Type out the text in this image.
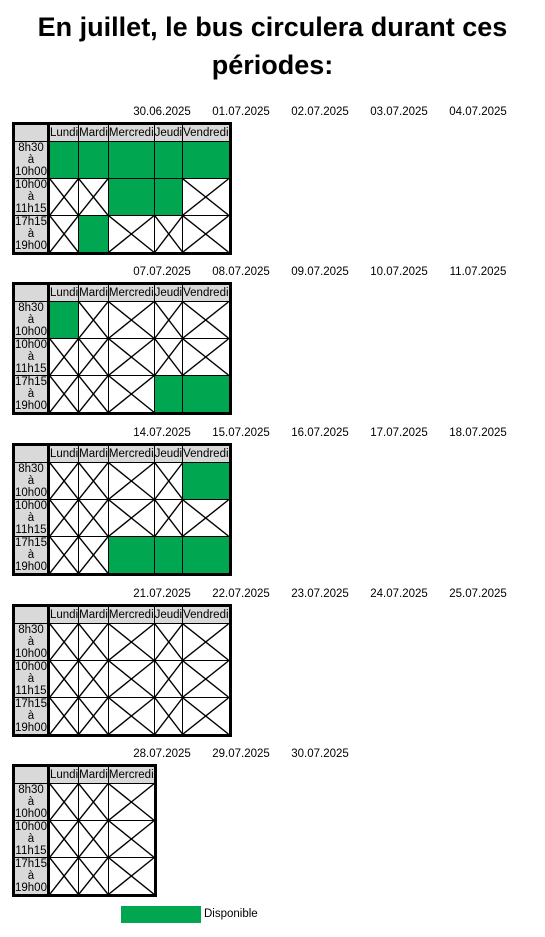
En juillet, le bus circulera durant ces périodes:
30.06.2025	01.07.2025	02.07.2025	03.07.2025	04.07.2025
	Lundi	Mardi	Mercredi	Jeudi	Vendredi
8h30 à 10h00					
10h00 à 11h15	

17h15 à 19h00	

07.07.2025	08.07.2025	09.07.2025	10.07.2025	11.07.2025
	Lundi	Mardi	Mercredi	Jeudi	Vendredi
8h30 à 10h00		

10h00 à 11h15	

17h15 à 19h00	

14.07.2025	15.07.2025	16.07.2025	17.07.2025	18.07.2025
	Lundi	Mardi	Mercredi	Jeudi	Vendredi
8h30 à 10h00	

10h00 à 11h15	

17h15 à 19h00	

21.07.2025	22.07.2025	23.07.2025	24.07.2025	25.07.2025
	Lundi	Mardi	Mercredi	Jeudi	Vendredi
8h30 à 10h00	

10h00 à 11h15	

17h15 à 19h00	

28.07.2025	29.07.2025	30.07.2025
	Lundi	Mardi	Mercredi
8h30 à 10h00	

10h00 à 11h15	

17h15 à 19h00	

Disponible
